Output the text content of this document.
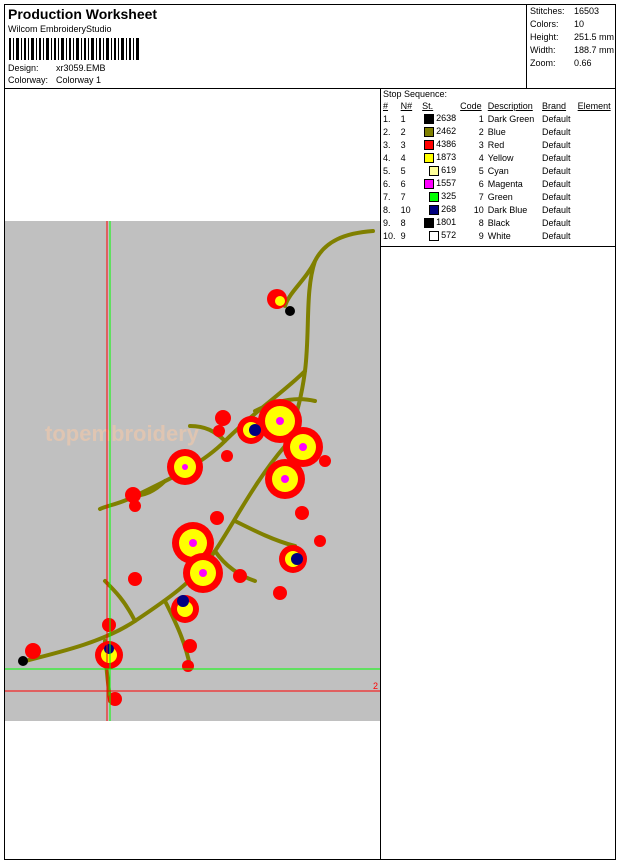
Production Worksheet
Wilcom EmbroideryStudio
Design: xr3059.EMB
Colorway: Colorway 1
Stitches: 16503
Colors: 10
Height: 251.5 mm
Width: 188.7 mm
Zoom: 0.66
topembroidery
2
Stop Sequence:
#	N#	St.	Code	Description	Brand	Element
1.	1	2638	1	Dark Green	Default	
2.	2	2462	2	Blue	Default	
3.	3	4386	3	Red	Default	
4.	4	1873	4	Yellow	Default	
5.	5	619	5	Cyan	Default	
6.	6	1557	6	Magenta	Default	
7.	7	325	7	Green	Default	
8.	10	268	10	Dark Blue	Default	
9.	8	1801	8	Black	Default	
10.	9	572	9	White	Default	
